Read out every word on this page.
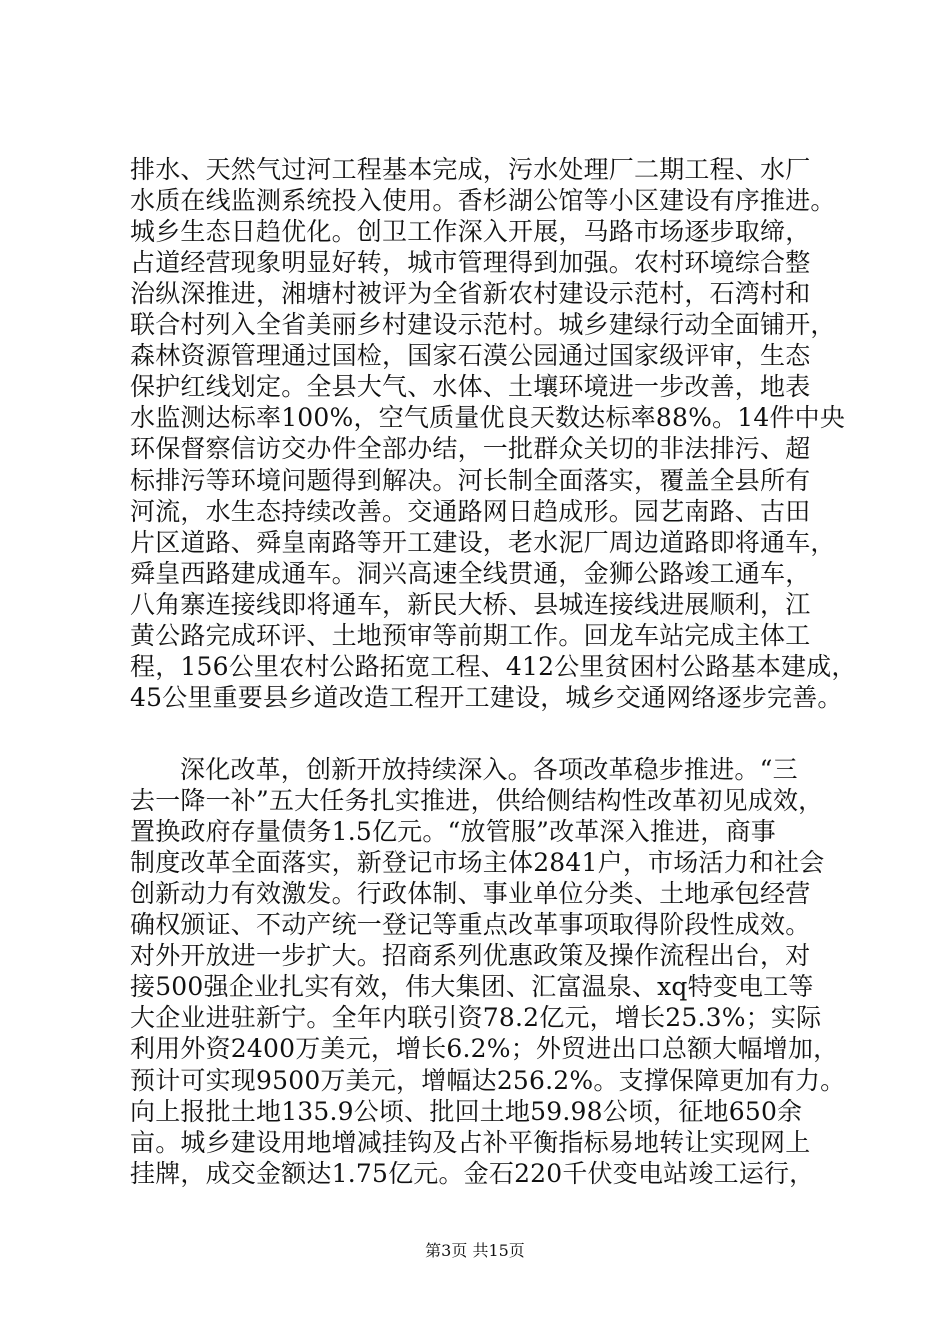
排水、天然气过河工程基本完成，污水处理厂二期工程、水厂
水质在线监测系统投入使用。香杉湖公馆等小区建设有序推进。
城乡生态日趋优化。创卫工作深入开展，马路市场逐步取缔，
占道经营现象明显好转，城市管理得到加强。农村环境综合整
治纵深推进，湘塘村被评为全省新农村建设示范村，石湾村和
联合村列入全省美丽乡村建设示范村。城乡建绿行动全面铺开，
森林资源管理通过国检，国家石漠公园通过国家级评审，生态
保护红线划定。全县大气、水体、土壤环境进一步改善，地表
水监测达标率100%，空气质量优良天数达标率88%。14件中央
环保督察信访交办件全部办结，一批群众关切的非法排污、超
标排污等环境问题得到解决。河长制全面落实，覆盖全县所有
河流，水生态持续改善。交通路网日趋成形。园艺南路、古田
片区道路、舜皇南路等开工建设，老水泥厂周边道路即将通车，
舜皇西路建成通车。洞兴高速全线贯通，金狮公路竣工通车，
八角寨连接线即将通车，新民大桥、县城连接线进展顺利，江
黄公路完成环评、土地预审等前期工作。回龙车站完成主体工
程，156公里农村公路拓宽工程、412公里贫困村公路基本建成，
45公里重要县乡道改造工程开工建设，城乡交通网络逐步完善。
深化改革，创新开放持续深入。各项改革稳步推进。“三
去一降一补”五大任务扎实推进，供给侧结构性改革初见成效，
置换政府存量债务1.5亿元。“放管服”改革深入推进，商事
制度改革全面落实，新登记市场主体2841户，市场活力和社会
创新动力有效激发。行政体制、事业单位分类、土地承包经营
确权颁证、不动产统一登记等重点改革事项取得阶段性成效。
对外开放进一步扩大。招商系列优惠政策及操作流程出台，对
接500强企业扎实有效，伟大集团、汇富温泉、xq特变电工等
大企业进驻新宁。全年内联引资78.2亿元，增长25.3%；实际
利用外资2400万美元，增长6.2%；外贸进出口总额大幅增加，
预计可实现9500万美元，增幅达256.2%。支撑保障更加有力。
向上报批土地135.9公顷、批回土地59.98公顷，征地650余
亩。城乡建设用地增减挂钩及占补平衡指标易地转让实现网上
挂牌，成交金额达1.75亿元。金石220千伏变电站竣工运行，
第3页 共15页
